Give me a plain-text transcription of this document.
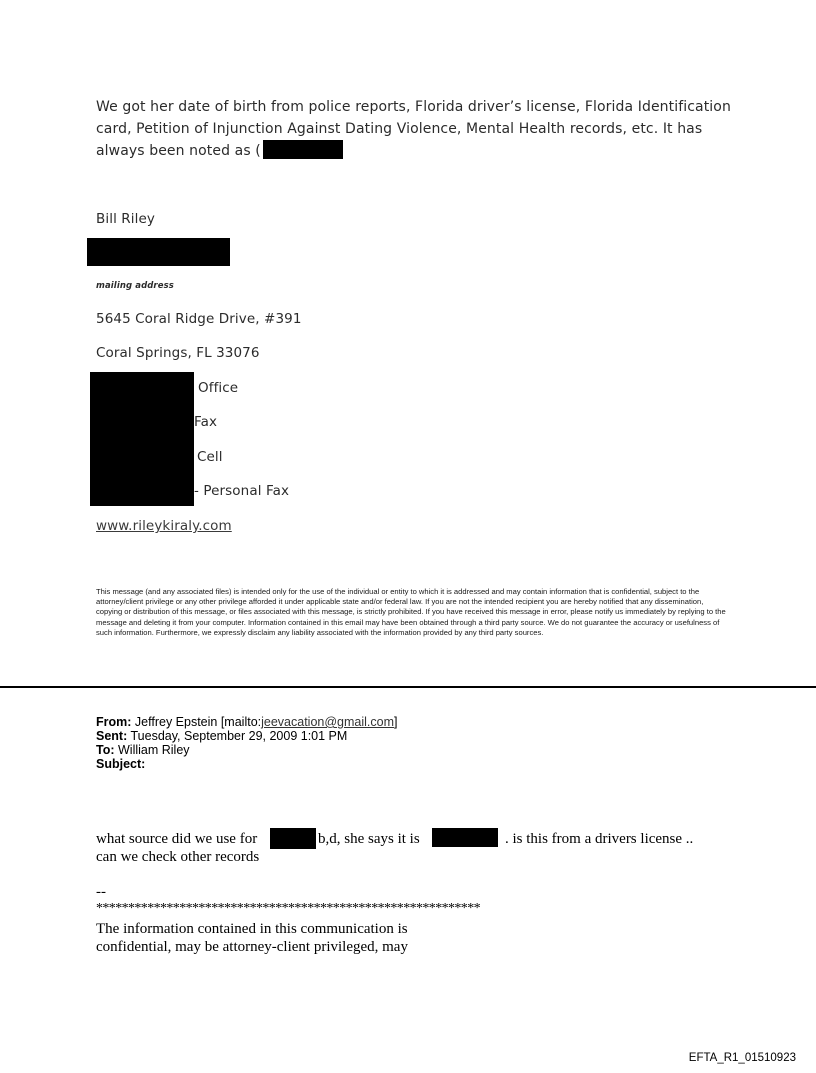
We got her date of birth from police reports, Florida driver’s license, Florida Identification card, Petition of Injunction Against Dating Violence, Mental Health records, etc. It has always been noted as (
Bill Riley
mailing address
5645 Coral Ridge Drive, #391
Coral Springs, FL 33076
Office
Fax
Cell
- Personal Fax
www.rileykiraly.com
This message (and any associated files) is intended only for the use of the individual or entity to which it is addressed and may contain information that is confidential, subject to the attorney/client privilege or any other privilege afforded it under applicable state and/or federal law. If you are not the intended recipient you are hereby notified that any dissemination, copying or distribution of this message, or files associated with this message, is strictly prohibited. If you have received this message in error, please notify us immediately by replying to the message and deleting it from your computer. Information contained in this email may have been obtained through a third party source. We do not guarantee the accuracy or usefulness of such information. Furthermore, we expressly disclaim any liability associated with the information provided by any third party sources.
From: Jeffrey Epstein [mailto:jeevacation@gmail.com]
Sent: Tuesday, September 29, 2009 1:01 PM
To: William Riley
Subject:
what source did we use for	b,d, she says it is	. is this from a drivers license ..
can we check other records
--
************************************************************
The information contained in this communication is
confidential, may be attorney-client privileged, may
EFTA_R1_01510923
